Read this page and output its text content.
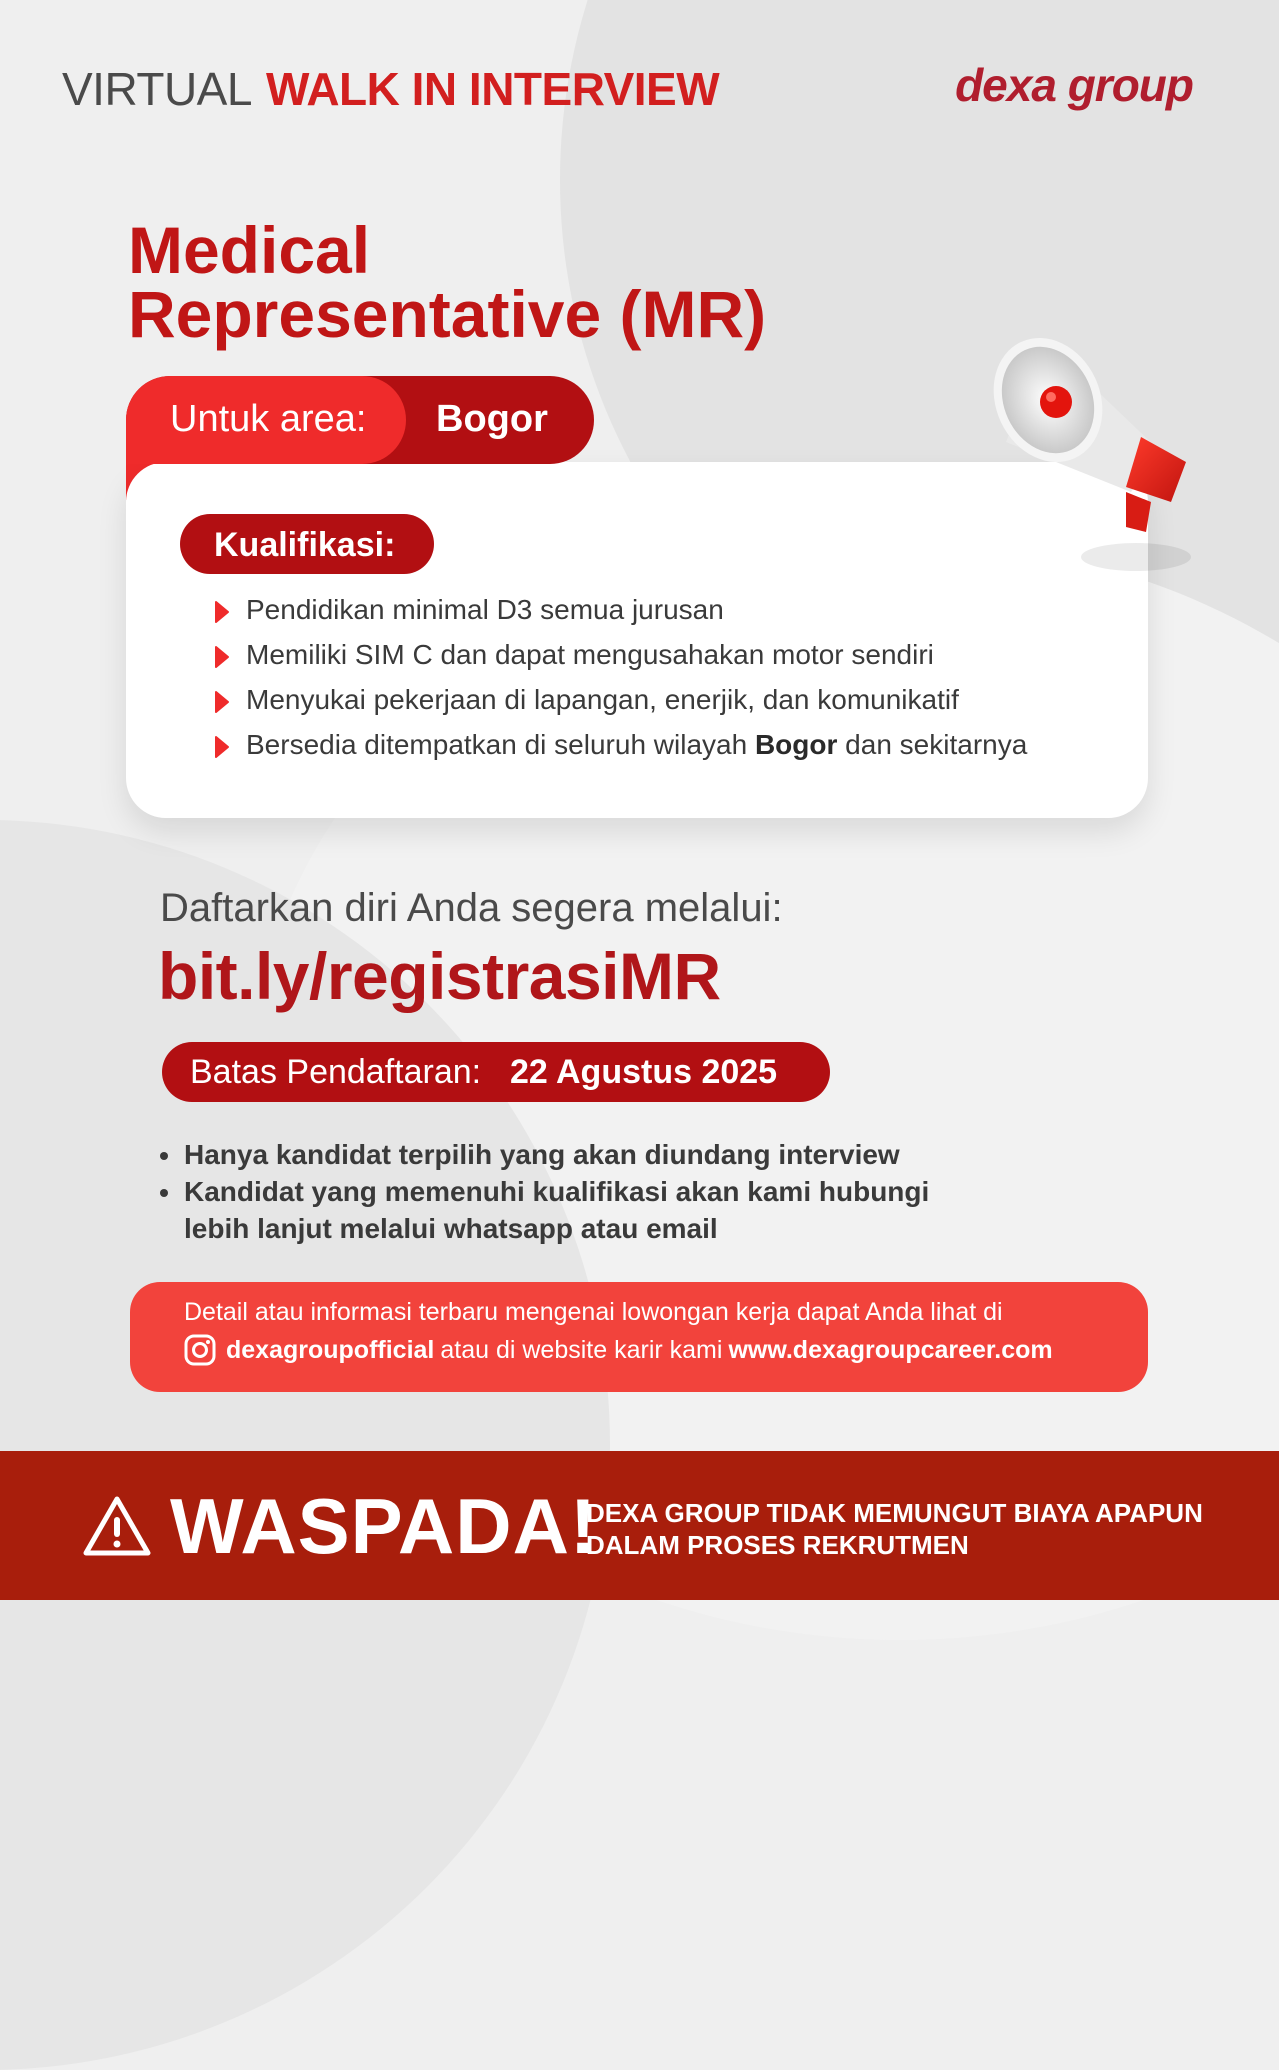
VIRTUAL WALK IN INTERVIEW	dexa group
Medical
Representative (MR)
Kualifikasi:
Pendidikan minimal D3 semua jurusan
Memiliki SIM C dan dapat mengusahakan motor sendiri
Menyukai pekerjaan di lapangan, enerjik, dan komunikatif
Bersedia ditempatkan di seluruh wilayah Bogor dan sekitarnya
Untuk area: Bogor
Daftarkan diri Anda segera melalui:
bit.ly/registrasiMR
Batas Pendaftaran: 22 Agustus 2025
Hanya kandidat terpilih yang akan diundang interview
Kandidat yang memenuhi kualifikasi akan kami hubungi lebih lanjut melalui whatsapp atau email
Detail atau informasi terbaru mengenai lowongan kerja dapat Anda lihat di
dexagroupofficial atau di website karir kami www.dexagroupcareer.com
WASPADA!
DEXA GROUP TIDAK MEMUNGUT BIAYA APAPUN
DALAM PROSES REKRUTMEN
